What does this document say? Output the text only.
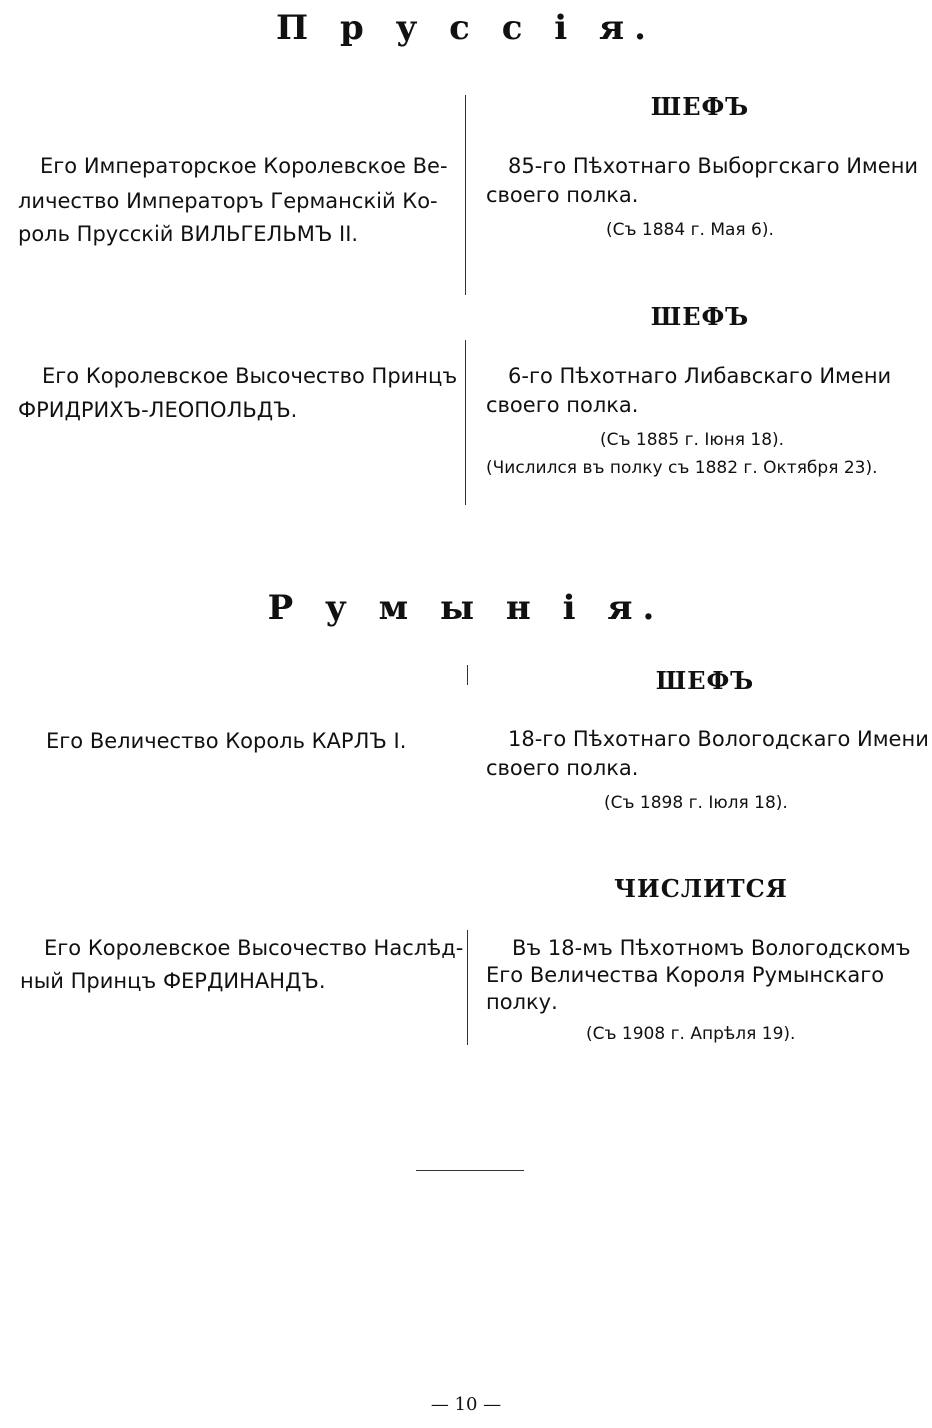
П р у с с і я.
ШЕФЪ
Его Императорское Королевское Ве-
личество Императоръ Германскій Ко-
роль Прусскій ВИЛЬГЕЛЬМЪ II.
85-го Пѣхотнаго Выборгскаго Имени
своего полка.
(Съ 1884 г. Мая 6).
ШЕФЪ
Его Королевское Высочество Принцъ
ФРИДРИХЪ-ЛЕОПОЛЬДЪ.
6-го Пѣхотнаго Либавскаго Имени
своего полка.
(Съ 1885 г. Іюня 18).
(Числился въ полку съ 1882 г. Октября 23).
Р у м ы н і я.
ШЕФЪ
Его Величество Король КАРЛЪ I.	18-го Пѣхотнаго Вологодскаго Имени
своего полка.
(Съ 1898 г. Іюля 18).
ЧИСЛИТСЯ
Его Королевское Высочество Наслѣд-
ный Принцъ ФЕРДИНАНДЪ.
Въ 18-мъ Пѣхотномъ Вологодскомъ
Его Величества Короля Румынскаго
полку.
(Съ 1908 г. Апрѣля 19).
— 10 —
